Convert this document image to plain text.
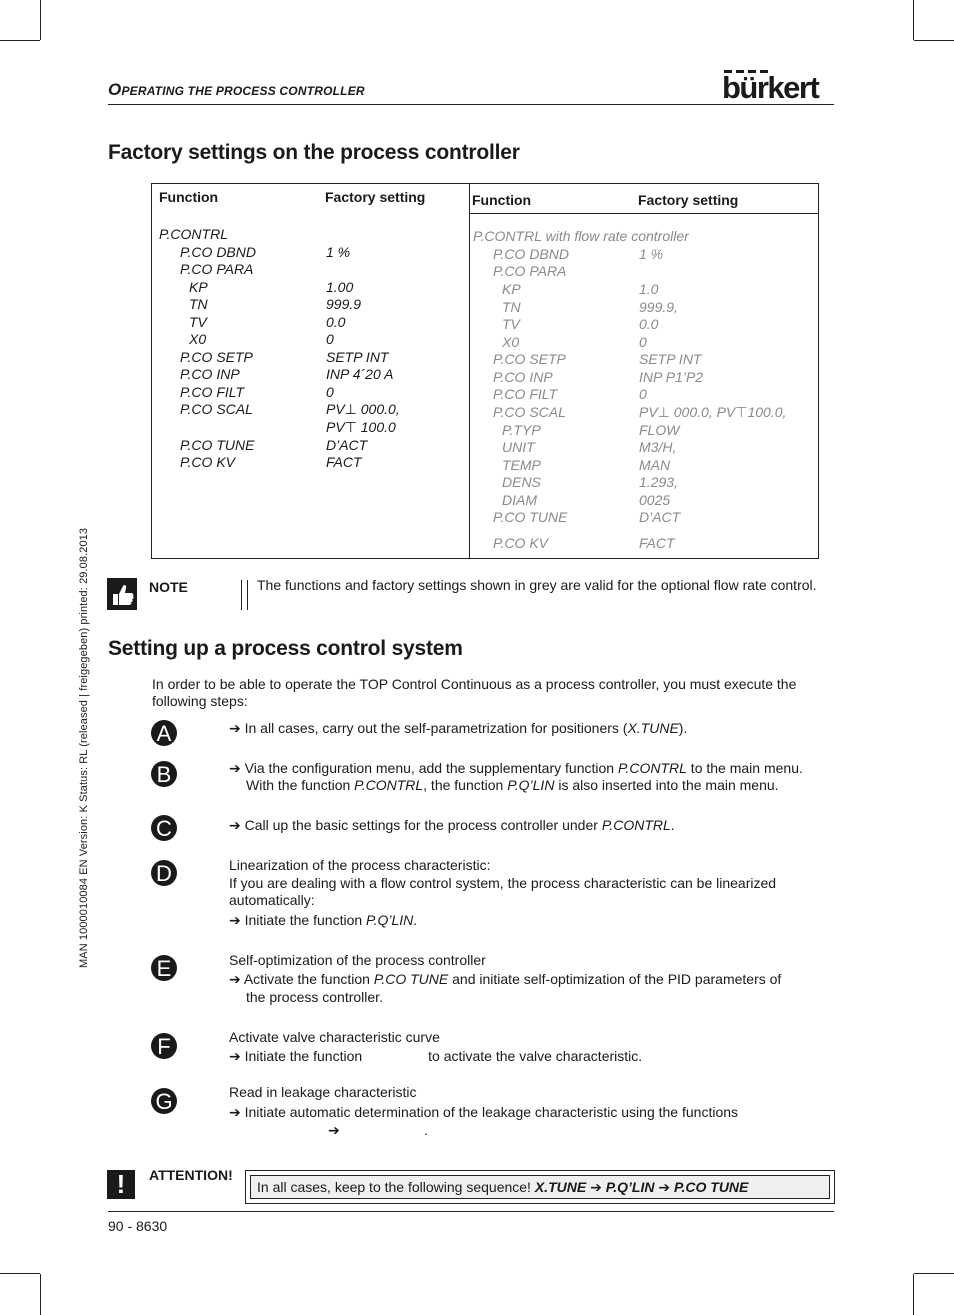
OPERATING THE PROCESS CONTROLLER	bürkert
Factory settings on the process controller
Function	Factory setting	Function	Factory setting
P.CONTRL
P.CO DBND	1 %
P.CO PARA
KP	1.00
TN	999.9
TV	0.0
X0	0
P.CO SETP	SETP INT
P.CO INP	INP 4´20 A
P.CO FILT	0
P.CO SCAL	PV⊥ 000.0,
PV⊤ 100.0
P.CO TUNE	D’ACT
P.CO KV	FACT
P.CONTRL with flow rate controller
P.CO DBND	1 %
P.CO PARA
KP	1.0
TN	999.9,
TV	0.0
X0	0
P.CO SETP	SETP INT
P.CO INP	INP P1’P2
P.CO FILT	0
P.CO SCAL	PV⊥ 000.0, PV⊤100.0,
P.TYP	FLOW
UNIT	M3/H,
TEMP	MAN
DENS	1.293,
DIAM	0025
P.CO TUNE	D’ACT
P.CO KV	FACT
NOTE	The functions and factory settings shown in grey are valid for the optional flow rate control.
Setting up a process control system
In order to be able to operate the TOP Control Continuous as a process controller, you must execute the following steps:
A	➔ In all cases, carry out the self-parametrization for positioners (X.TUNE).
B	➔ Via the configuration menu, add the supplementary function P.CONTRL to the main menu.
With the function P.CONTRL, the function P.Q’LIN is also inserted into the main menu.
C	➔ Call up the basic settings for the process controller under P.CONTRL.
D	Linearization of the process characteristic:
If you are dealing with a flow control system, the process characteristic can be linearized automatically:
➔ Initiate the function P.Q’LIN.
E	Self-optimization of the process controller
➔ Activate the function P.CO TUNE and initiate self-optimization of the PID parameters of
the process controller.
F	Activate valve characteristic curve
➔ Initiate the function	to activate the valve characteristic.
G	Read in leakage characteristic
➔ Initiate automatic determination of the leakage characteristic using the functions
➔	.
!	ATTENTION!
In all cases, keep to the following sequence! X.TUNE ➔ P.Q’LIN ➔ P.CO TUNE
90 - 8630
MAN 1000010084 EN Version: K Status: RL (released | freigegeben) printed: 29.08.2013
